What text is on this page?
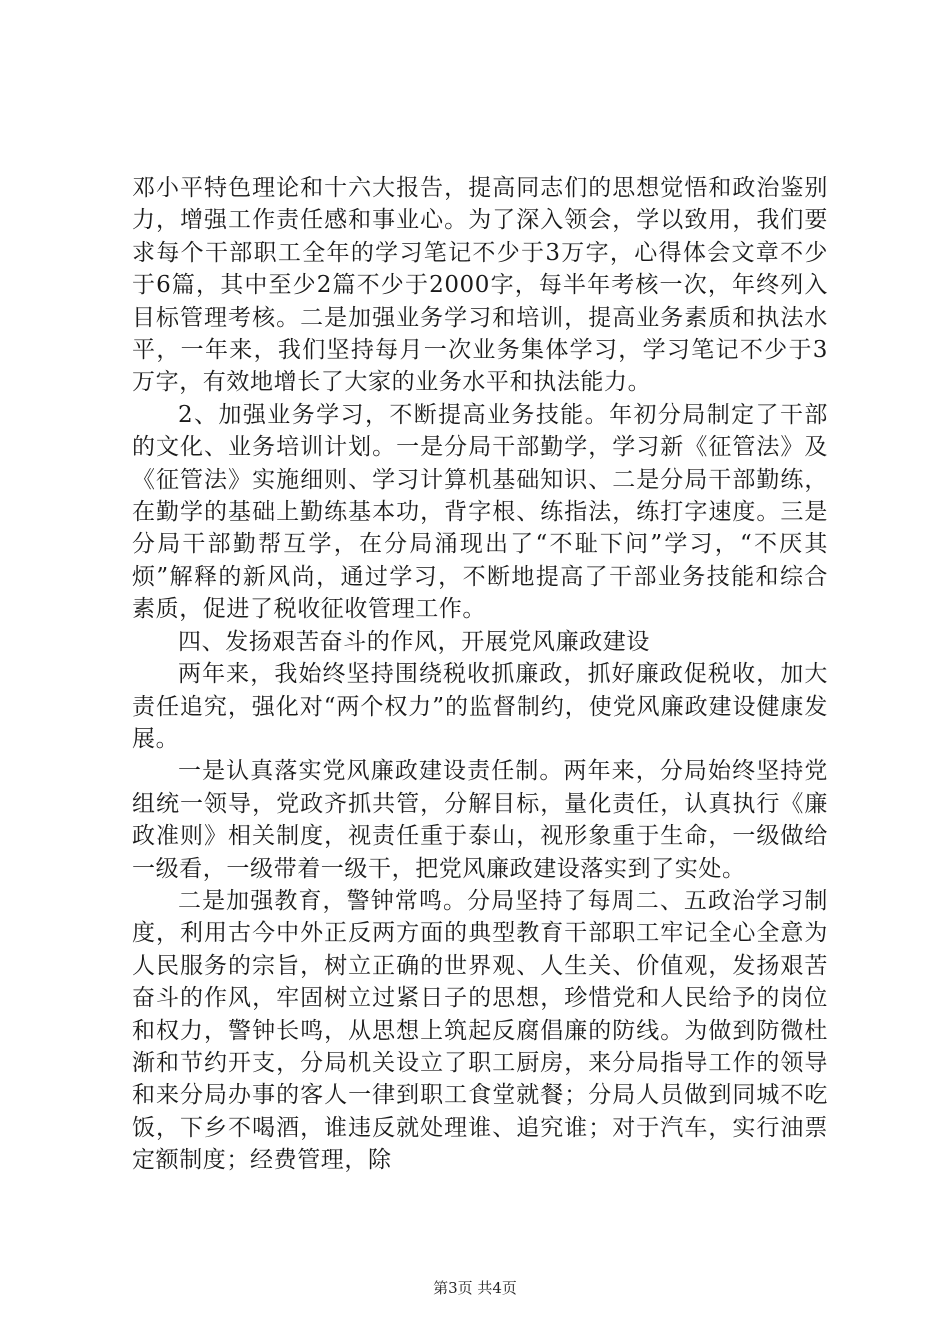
邓小平特色理论和十六大报告，提高同志们的思想觉悟和政治鉴别力，增强工作责任感和事业心。为了深入领会，学以致用，我们要求每个干部职工全年的学习笔记不少于3万字，心得体会文章不少于6篇，其中至少2篇不少于2000字，每半年考核一次，年终列入目标管理考核。二是加强业务学习和培训，提高业务素质和执法水平，一年来，我们坚持每月一次业务集体学习，学习笔记不少于3万字，有效地增长了大家的业务水平和执法能力。

2、加强业务学习，不断提高业务技能。年初分局制定了干部的文化、业务培训计划。一是分局干部勤学，学习新《征管法》及《征管法》实施细则、学习计算机基础知识、二是分局干部勤练，在勤学的基础上勤练基本功，背字根、练指法，练打字速度。三是分局干部勤帮互学，在分局涌现出了“不耻下问”学习，“不厌其烦”解释的新风尚，通过学习，不断地提高了干部业务技能和综合素质，促进了税收征收管理工作。

四、发扬艰苦奋斗的作风，开展党风廉政建设

两年来，我始终坚持围绕税收抓廉政，抓好廉政促税收，加大责任追究，强化对“两个权力”的监督制约，使党风廉政建设健康发展。

一是认真落实党风廉政建设责任制。两年来，分局始终坚持党组统一领导，党政齐抓共管，分解目标，量化责任，认真执行《廉政准则》相关制度，视责任重于泰山，视形象重于生命，一级做给一级看，一级带着一级干，把党风廉政建设落实到了实处。

二是加强教育，警钟常鸣。分局坚持了每周二、五政治学习制度，利用古今中外正反两方面的典型教育干部职工牢记全心全意为人民服务的宗旨，树立正确的世界观、人生关、价值观，发扬艰苦奋斗的作风，牢固树立过紧日子的思想，珍惜党和人民给予的岗位和权力，警钟长鸣，从思想上筑起反腐倡廉的防线。为做到防微杜渐和节约开支，分局机关设立了职工厨房，来分局指导工作的领导和来分局办事的客人一律到职工食堂就餐；分局人员做到同城不吃饭，下乡不喝酒，谁违反就处理谁、追究谁；对于汽车，实行油票定额制度；经费管理，除

第3页 共4页
